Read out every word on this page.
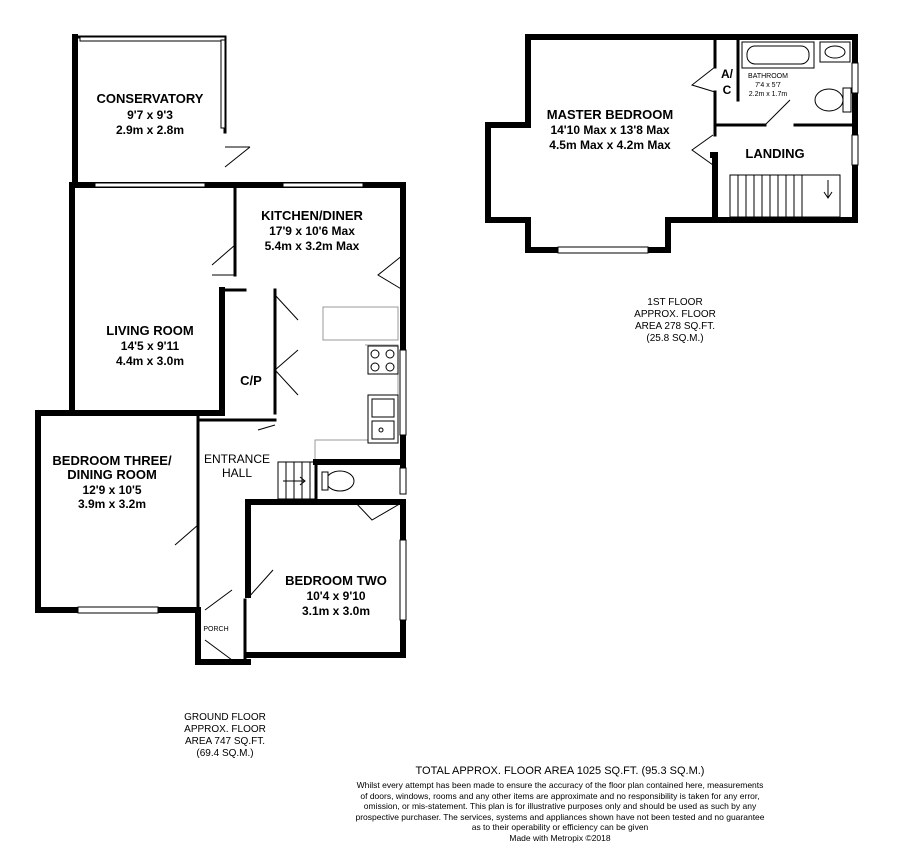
CONSERVATORY
9'7 x 9'3
2.9m x 2.8m
KITCHEN/DINER
17'9 x 10'6 Max
5.4m x 3.2m Max
LIVING ROOM
14'5 x 9'11
4.4m x 3.0m
C/P
ENTRANCE
HALL
BEDROOM THREE/
DINING ROOM
12'9 x 10'5
3.9m x 3.2m
BEDROOM TWO
10'4 x 9'10
3.1m x 3.0m
PORCH
MASTER BEDROOM
14'10 Max x 13'8 Max
4.5m Max x 4.2m Max
A/
C
BATHROOM
7'4 x 5'7
2.2m x 1.7m
LANDING
GROUND FLOOR
APPROX. FLOOR
AREA 747 SQ.FT.
(69.4 SQ.M.)
1ST FLOOR
APPROX. FLOOR
AREA 278 SQ.FT.
(25.8 SQ.M.)
TOTAL APPROX. FLOOR AREA 1025 SQ.FT. (95.3 SQ.M.)
Whilst every attempt has been made to ensure the accuracy of the floor plan contained here, measurements
of doors, windows, rooms and any other items are approximate and no responsibility is taken for any error,
omission, or mis-statement. This plan is for illustrative purposes only and should be used as such by any
prospective purchaser. The services, systems and appliances shown have not been tested and no guarantee
as to their operability or efficiency can be given
Made with Metropix ©2018
